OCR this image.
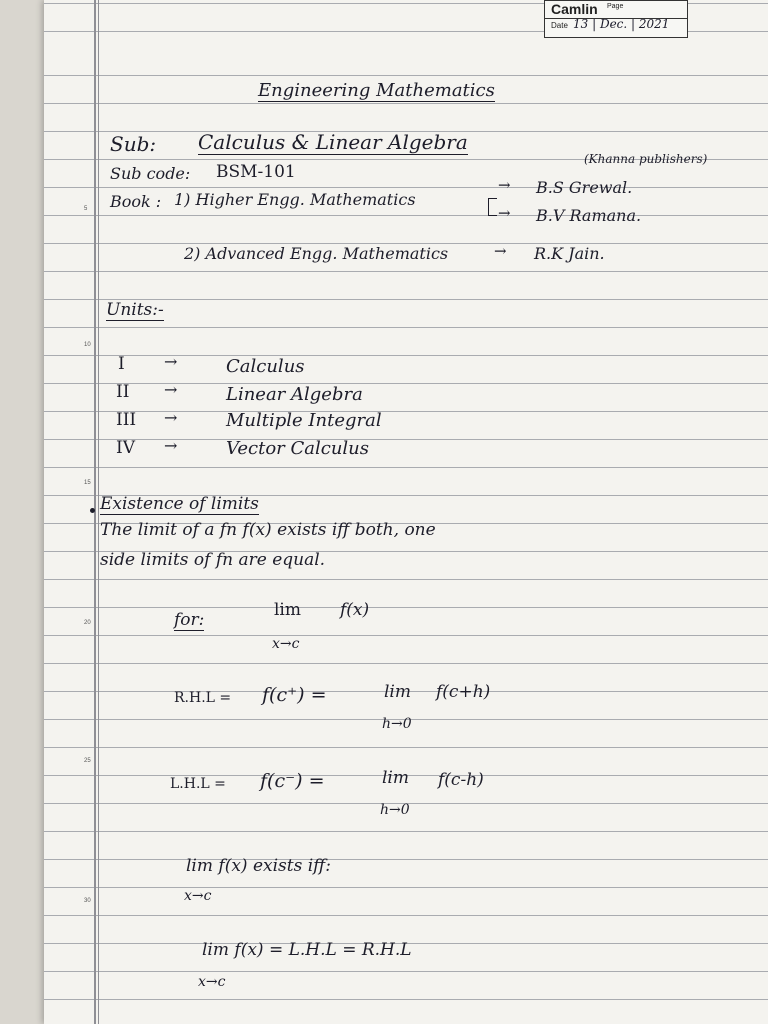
Camlin Page
Date 13 | Dec. | 2021
5
10
15
20
25
30
Engineering Mathematics
Sub: Calculus & Linear Algebra
Sub code: BSM-101
(Khanna publishers)
Book : 1) Higher Engg. Mathematics
→
→
B.S Grewal.
B.V Ramana.
2) Advanced Engg. Mathematics	→ R.K Jain.
Units:-
I →	Calculus
II →	Linear Algebra
III →	Multiple Integral
IV →	Vector Calculus
Existence of limits
The limit of a fn f(x) exists iff both, one
side limits of fn are equal.
for:	lim f(x)
x→c
R.H.L = f(c⁺) =	lim f(c+h)
h→0
L.H.L = f(c⁻) =	lim f(c-h)
h→0
lim f(x) exists iff:
x→c
lim f(x) = L.H.L = R.H.L
x→c
